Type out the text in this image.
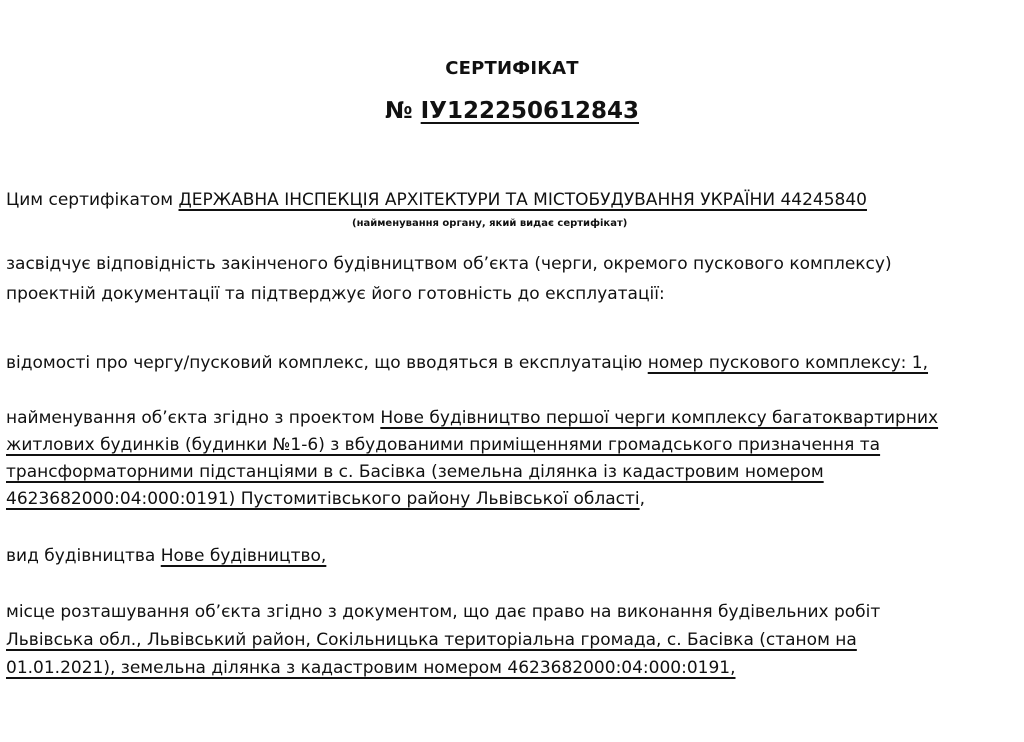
СЕРТИФІКАТ
№ ІУ122250612843
Цим сертифікатом ДЕРЖАВНА ІНСПЕКЦІЯ АРХІТЕКТУРИ ТА МІСТОБУДУВАННЯ УКРАЇНИ 44245840
(найменування органу, який видає сертифікат)
засвідчує відповідність закінченого будівництвом об’єкта (черги, окремого пускового комплексу)
проектній документації та підтверджує його готовність до експлуатації:
відомості про чергу/пусковий комплекс, що вводяться в експлуатацію номер пускового комплексу: 1,
найменування об’єкта згідно з проектом Нове будівництво першої черги комплексу багатоквартирних
житлових будинків (будинки №1-6) з вбудованими приміщеннями громадського призначення та
трансформаторними підстанціями в с. Басівка (земельна ділянка із кадастровим номером
4623682000:04:000:0191) Пустомитівського району Львівської області,
вид будівництва Нове будівництво,
місце розташування об’єкта згідно з документом, що дає право на виконання будівельних робіт
Львівська обл., Львівський район, Сокільницька територіальна громада, с. Басівка (станом на
01.01.2021), земельна ділянка з кадастровим номером 4623682000:04:000:0191,
